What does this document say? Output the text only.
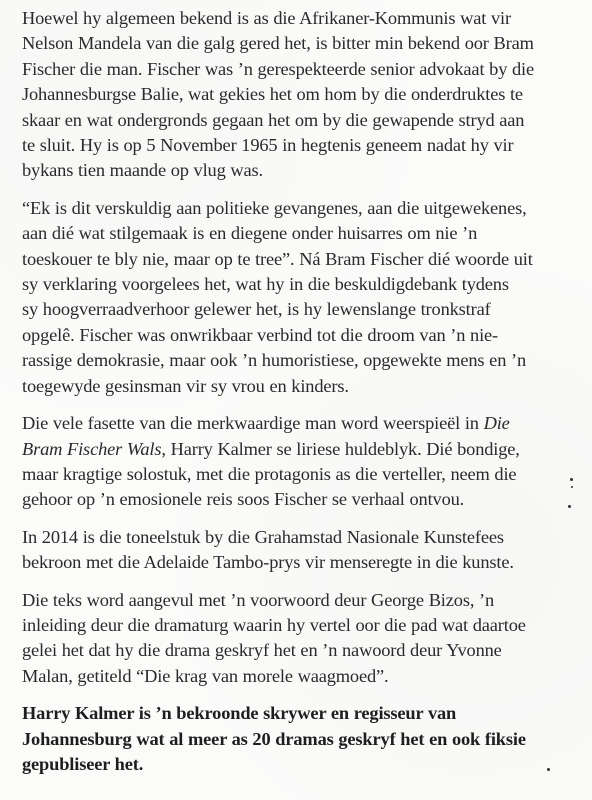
Hoewel hy algemeen bekend is as die Afrikaner-Kommunis wat vir
Nelson Mandela van die galg gered het, is bitter min bekend oor Bram
Fischer die man. Fischer was ’n gerespekteerde senior advokaat by die
Johannesburgse Balie, wat gekies het om hom by die onderdruktes te
skaar en wat ondergronds gegaan het om by die gewapende stryd aan
te sluit. Hy is op 5 November 1965 in hegtenis geneem nadat hy vir
bykans tien maande op vlug was.

“Ek is dit verskuldig aan politieke gevangenes, aan die uitgewekenes,
aan dié wat stilgemaak is en diegene onder huisarres om nie ’n
toeskouer te bly nie, maar op te tree”. Ná Bram Fischer dié woorde uit
sy verklaring voorgelees het, wat hy in die beskuldigdebank tydens
sy hoogverraadverhoor gelewer het, is hy lewenslange tronkstraf
opgelê. Fischer was onwrikbaar verbind tot die droom van ’n nie-
rassige demokrasie, maar ook ’n humoristiese, opgewekte mens en ’n
toegewyde gesinsman vir sy vrou en kinders.

Die vele fasette van die merkwaardige man word weerspieël in Die
Bram Fischer Wals, Harry Kalmer se liriese huldeblyk. Dié bondige,
maar kragtige solostuk, met die protagonis as die verteller, neem die
gehoor op ’n emosionele reis soos Fischer se verhaal ontvou.

In 2014 is die toneelstuk by die Grahamstad Nasionale Kunstefees
bekroon met die Adelaide Tambo-prys vir menseregte in die kunste.

Die teks word aangevul met ’n voorwoord deur George Bizos, ’n
inleiding deur die dramaturg waarin hy vertel oor die pad wat daartoe
gelei het dat hy die drama geskryf het en ’n nawoord deur Yvonne
Malan, getiteld “Die krag van morele waagmoed”.

Harry Kalmer is ’n bekroonde skrywer en regisseur van
Johannesburg wat al meer as 20 dramas geskryf het en ook fiksie
gepubliseer het.
